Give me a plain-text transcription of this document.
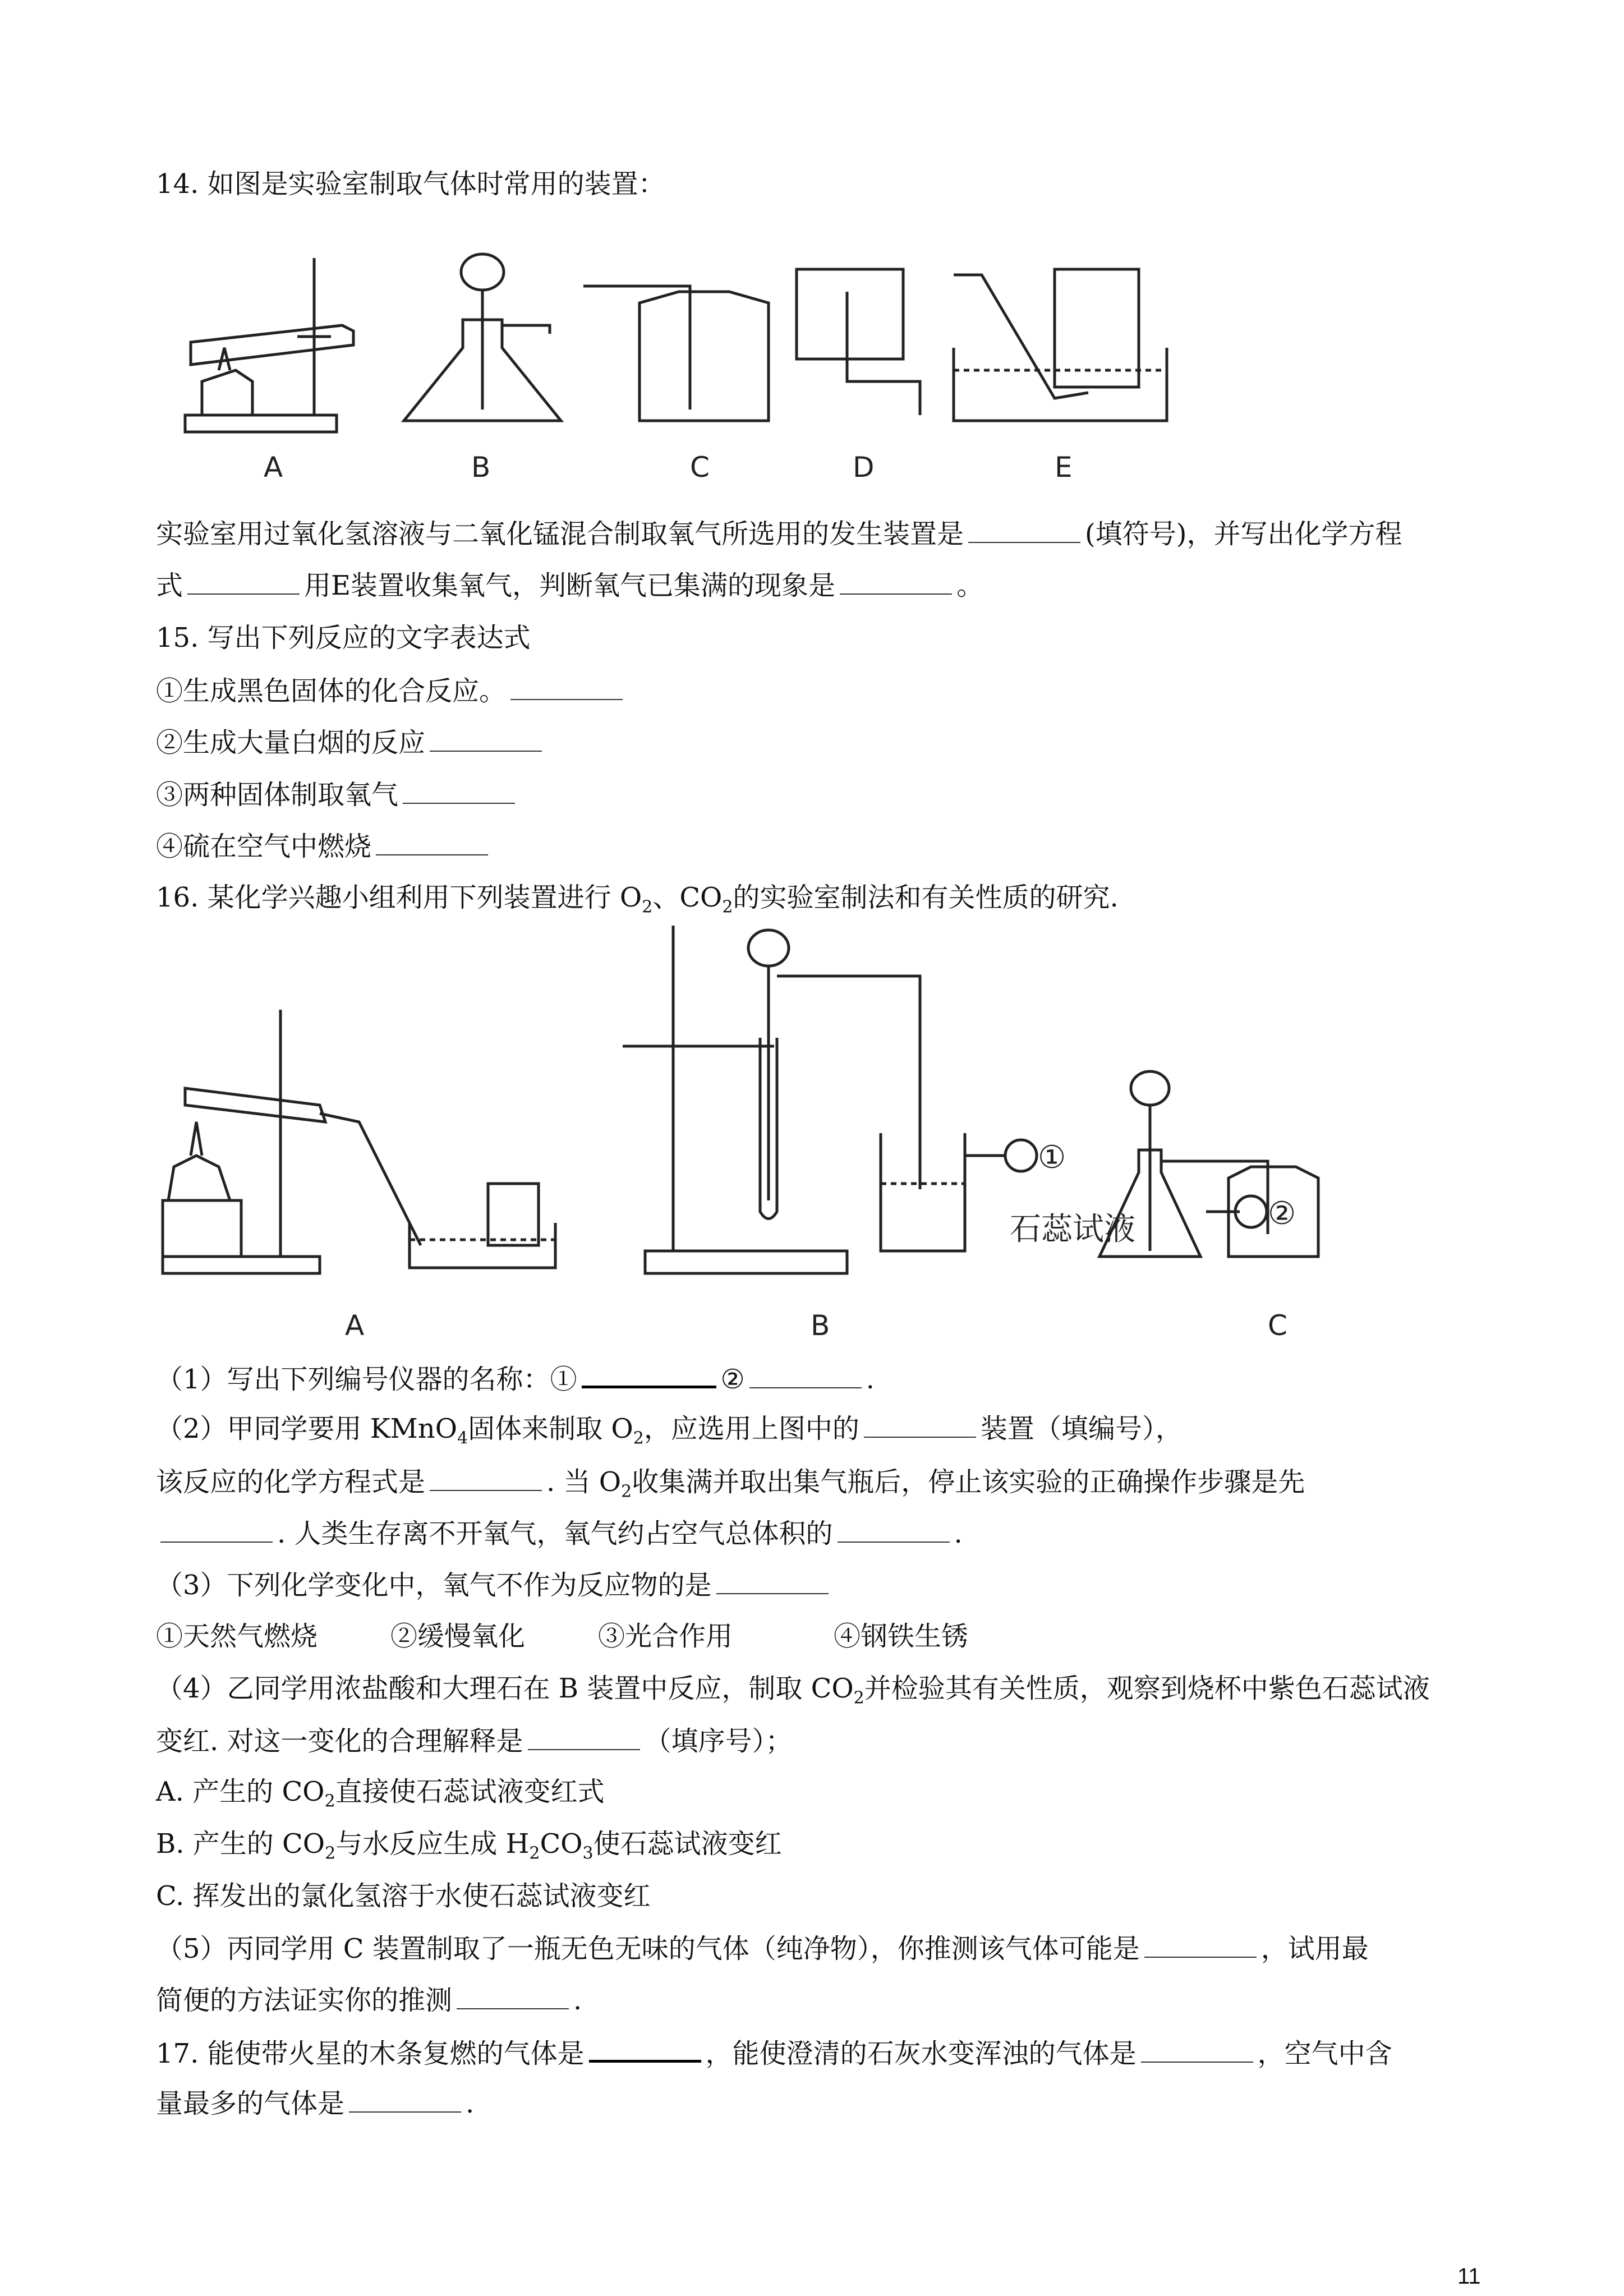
14. 如图是实验室制取气体时常用的装置：
A	B	C	D	E
实验室用过氧化氢溶液与二氧化锰混合制取氧气所选用的发生装置是	(填符号)，并写出化学方程
式	用E装置收集氧气，判断氧气已集满的现象是	。
15. 写出下列反应的文字表达式
①生成黑色固体的化合反应。
②生成大量白烟的反应
③两种固体制取氧气
④硫在空气中燃烧
16. 某化学兴趣小组利用下列装置进行 $O_2$、$CO_2$的实验室制法和有关性质的研究.
①
石蕊试液	②
A	B	C
（1）写出下列编号仪器的名称：①	②	.
（2）甲同学要用 KMnO$_4$固体来制取 $O_2$，应选用上图中的	装置（填编号），
该反应的化学方程式是	. 当 $O_2$收集满并取出集气瓶后，停止该实验的正确操作步骤是先
. 人类生存离不开氧气，氧气约占空气总体积的	.
（3）下列化学变化中，氧气不作为反应物的是
①天然气燃烧	②缓慢氧化	③光合作用	④钢铁生锈
（4）乙同学用浓盐酸和大理石在 B 装置中反应，制取 $CO_2$并检验其有关性质，观察到烧杯中紫色石蕊试液
变红. 对这一变化的合理解释是	（填序号）；
A. 产生的 $CO_2$直接使石蕊试液变红式
B. 产生的 $CO_2$与水反应生成 $H_2CO_3$使石蕊试液变红
C. 挥发出的氯化氢溶于水使石蕊试液变红
（5）丙同学用 C 装置制取了一瓶无色无味的气体（纯净物），你推测该气体可能是	，试用最
简便的方法证实你的推测	.
17. 能使带火星的木条复燃的气体是	，能使澄清的石灰水变浑浊的气体是	，空气中含
量最多的气体是	.
11
